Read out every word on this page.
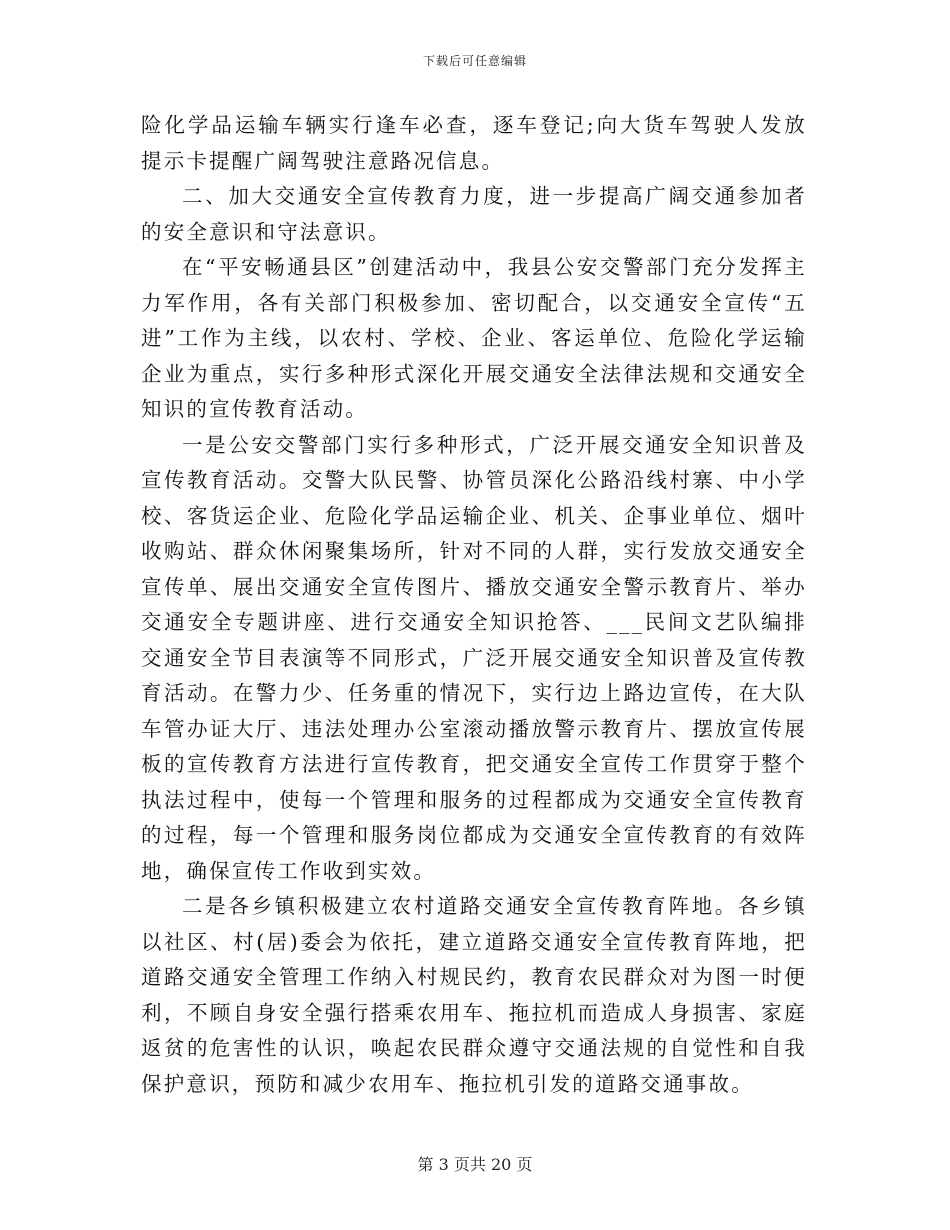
下载后可任意编辑

险化学品运输车辆实行逢车必查，逐车登记;向大货车驾驶人发放提示卡提醒广阔驾驶注意路况信息。

二、加大交通安全宣传教育力度，进一步提高广阔交通参加者的安全意识和守法意识。

在“平安畅通县区”创建活动中，我县公安交警部门充分发挥主力军作用，各有关部门积极参加、密切配合，以交通安全宣传“五进”工作为主线，以农村、学校、企业、客运单位、危险化学运输企业为重点，实行多种形式深化开展交通安全法律法规和交通安全知识的宣传教育活动。

一是公安交警部门实行多种形式，广泛开展交通安全知识普及宣传教育活动。交警大队民警、协管员深化公路沿线村寨、中小学校、客货运企业、危险化学品运输企业、机关、企事业单位、烟叶收购站、群众休闲聚集场所，针对不同的人群，实行发放交通安全宣传单、展出交通安全宣传图片、播放交通安全警示教育片、举办交通安全专题讲座、进行交通安全知识抢答、___民间文艺队编排交通安全节目表演等不同形式，广泛开展交通安全知识普及宣传教育活动。在警力少、任务重的情况下，实行边上路边宣传，在大队车管办证大厅、违法处理办公室滚动播放警示教育片、摆放宣传展板的宣传教育方法进行宣传教育，把交通安全宣传工作贯穿于整个执法过程中，使每一个管理和服务的过程都成为交通安全宣传教育的过程，每一个管理和服务岗位都成为交通安全宣传教育的有效阵地，确保宣传工作收到实效。

二是各乡镇积极建立农村道路交通安全宣传教育阵地。各乡镇以社区、村(居)委会为依托，建立道路交通安全宣传教育阵地，把道路交通安全管理工作纳入村规民约，教育农民群众对为图一时便利，不顾自身安全强行搭乘农用车、拖拉机而造成人身损害、家庭返贫的危害性的认识，唤起农民群众遵守交通法规的自觉性和自我保护意识，预防和减少农用车、拖拉机引发的道路交通事故。

第 3 页共 20 页
